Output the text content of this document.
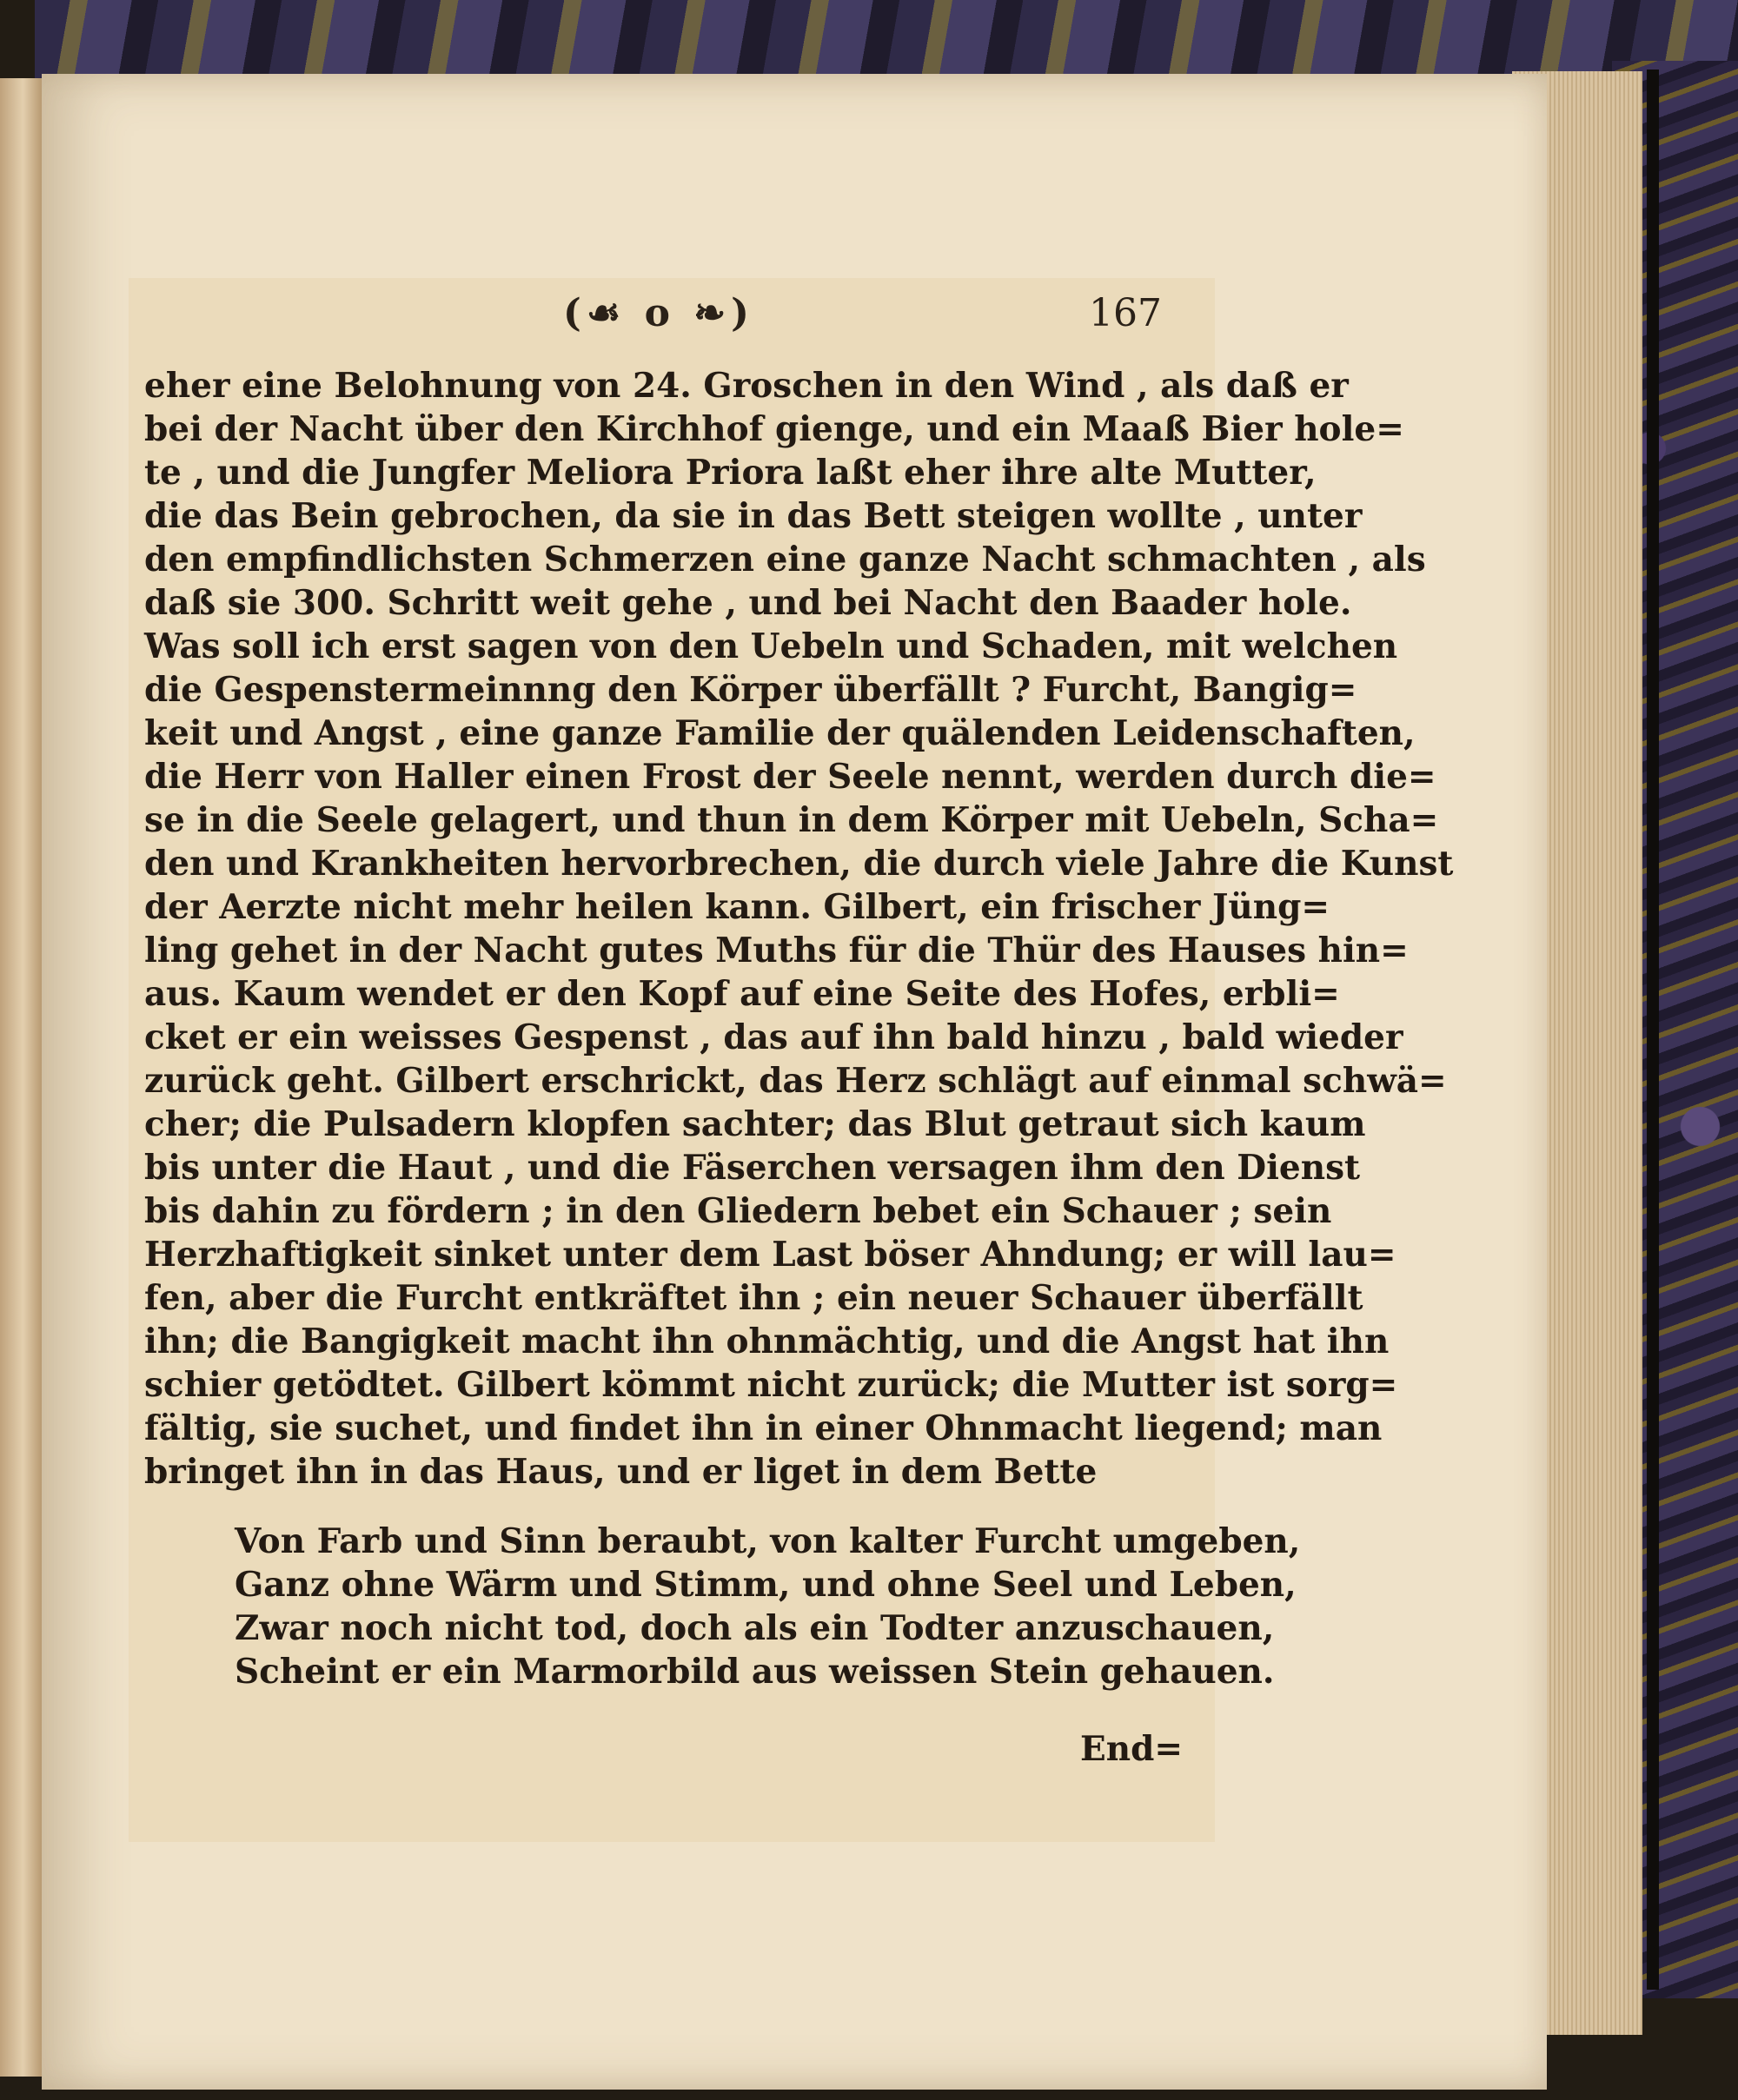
(☙ o ❧)	167
eher eine Belohnung von 24. Groschen in den Wind , als daß er
bei der Nacht über den Kirchhof gienge, und ein Maaß Bier hole=
te , und die Jungfer Meliora Priora laßt eher ihre alte Mutter,
die das Bein gebrochen, da sie in das Bett steigen wollte , unter
den empfindlichsten Schmerzen eine ganze Nacht schmachten , als
daß sie 300. Schritt weit gehe , und bei Nacht den Baader hole.
Was soll ich erst sagen von den Uebeln und Schaden, mit welchen
die Gespenstermeinnng den Körper überfällt ? Furcht, Bangig=
keit und Angst , eine ganze Familie der quälenden Leidenschaften,
die Herr von Haller einen Frost der Seele nennt, werden durch die=
se in die Seele gelagert, und thun in dem Körper mit Uebeln, Scha=
den und Krankheiten hervorbrechen, die durch viele Jahre die Kunst
der Aerzte nicht mehr heilen kann. Gilbert, ein frischer Jüng=
ling gehet in der Nacht gutes Muths für die Thür des Hauses hin=
aus. Kaum wendet er den Kopf auf eine Seite des Hofes, erbli=
cket er ein weisses Gespenst , das auf ihn bald hinzu , bald wieder
zurück geht. Gilbert erschrickt, das Herz schlägt auf einmal schwä=
cher; die Pulsadern klopfen sachter; das Blut getraut sich kaum
bis unter die Haut , und die Fäserchen versagen ihm den Dienst
bis dahin zu fördern ; in den Gliedern bebet ein Schauer ; sein
Herzhaftigkeit sinket unter dem Last böser Ahndung; er will lau=
fen, aber die Furcht entkräftet ihn ; ein neuer Schauer überfällt
ihn; die Bangigkeit macht ihn ohnmächtig, und die Angst hat ihn
schier getödtet. Gilbert kömmt nicht zurück; die Mutter ist sorg=
fältig, sie suchet, und findet ihn in einer Ohnmacht liegend; man
bringet ihn in das Haus, und er liget in dem Bette
Von Farb und Sinn beraubt, von kalter Furcht umgeben,
Ganz ohne Wärm und Stimm, und ohne Seel und Leben,
Zwar noch nicht tod, doch als ein Todter anzuschauen,
Scheint er ein Marmorbild aus weissen Stein gehauen.
End=
